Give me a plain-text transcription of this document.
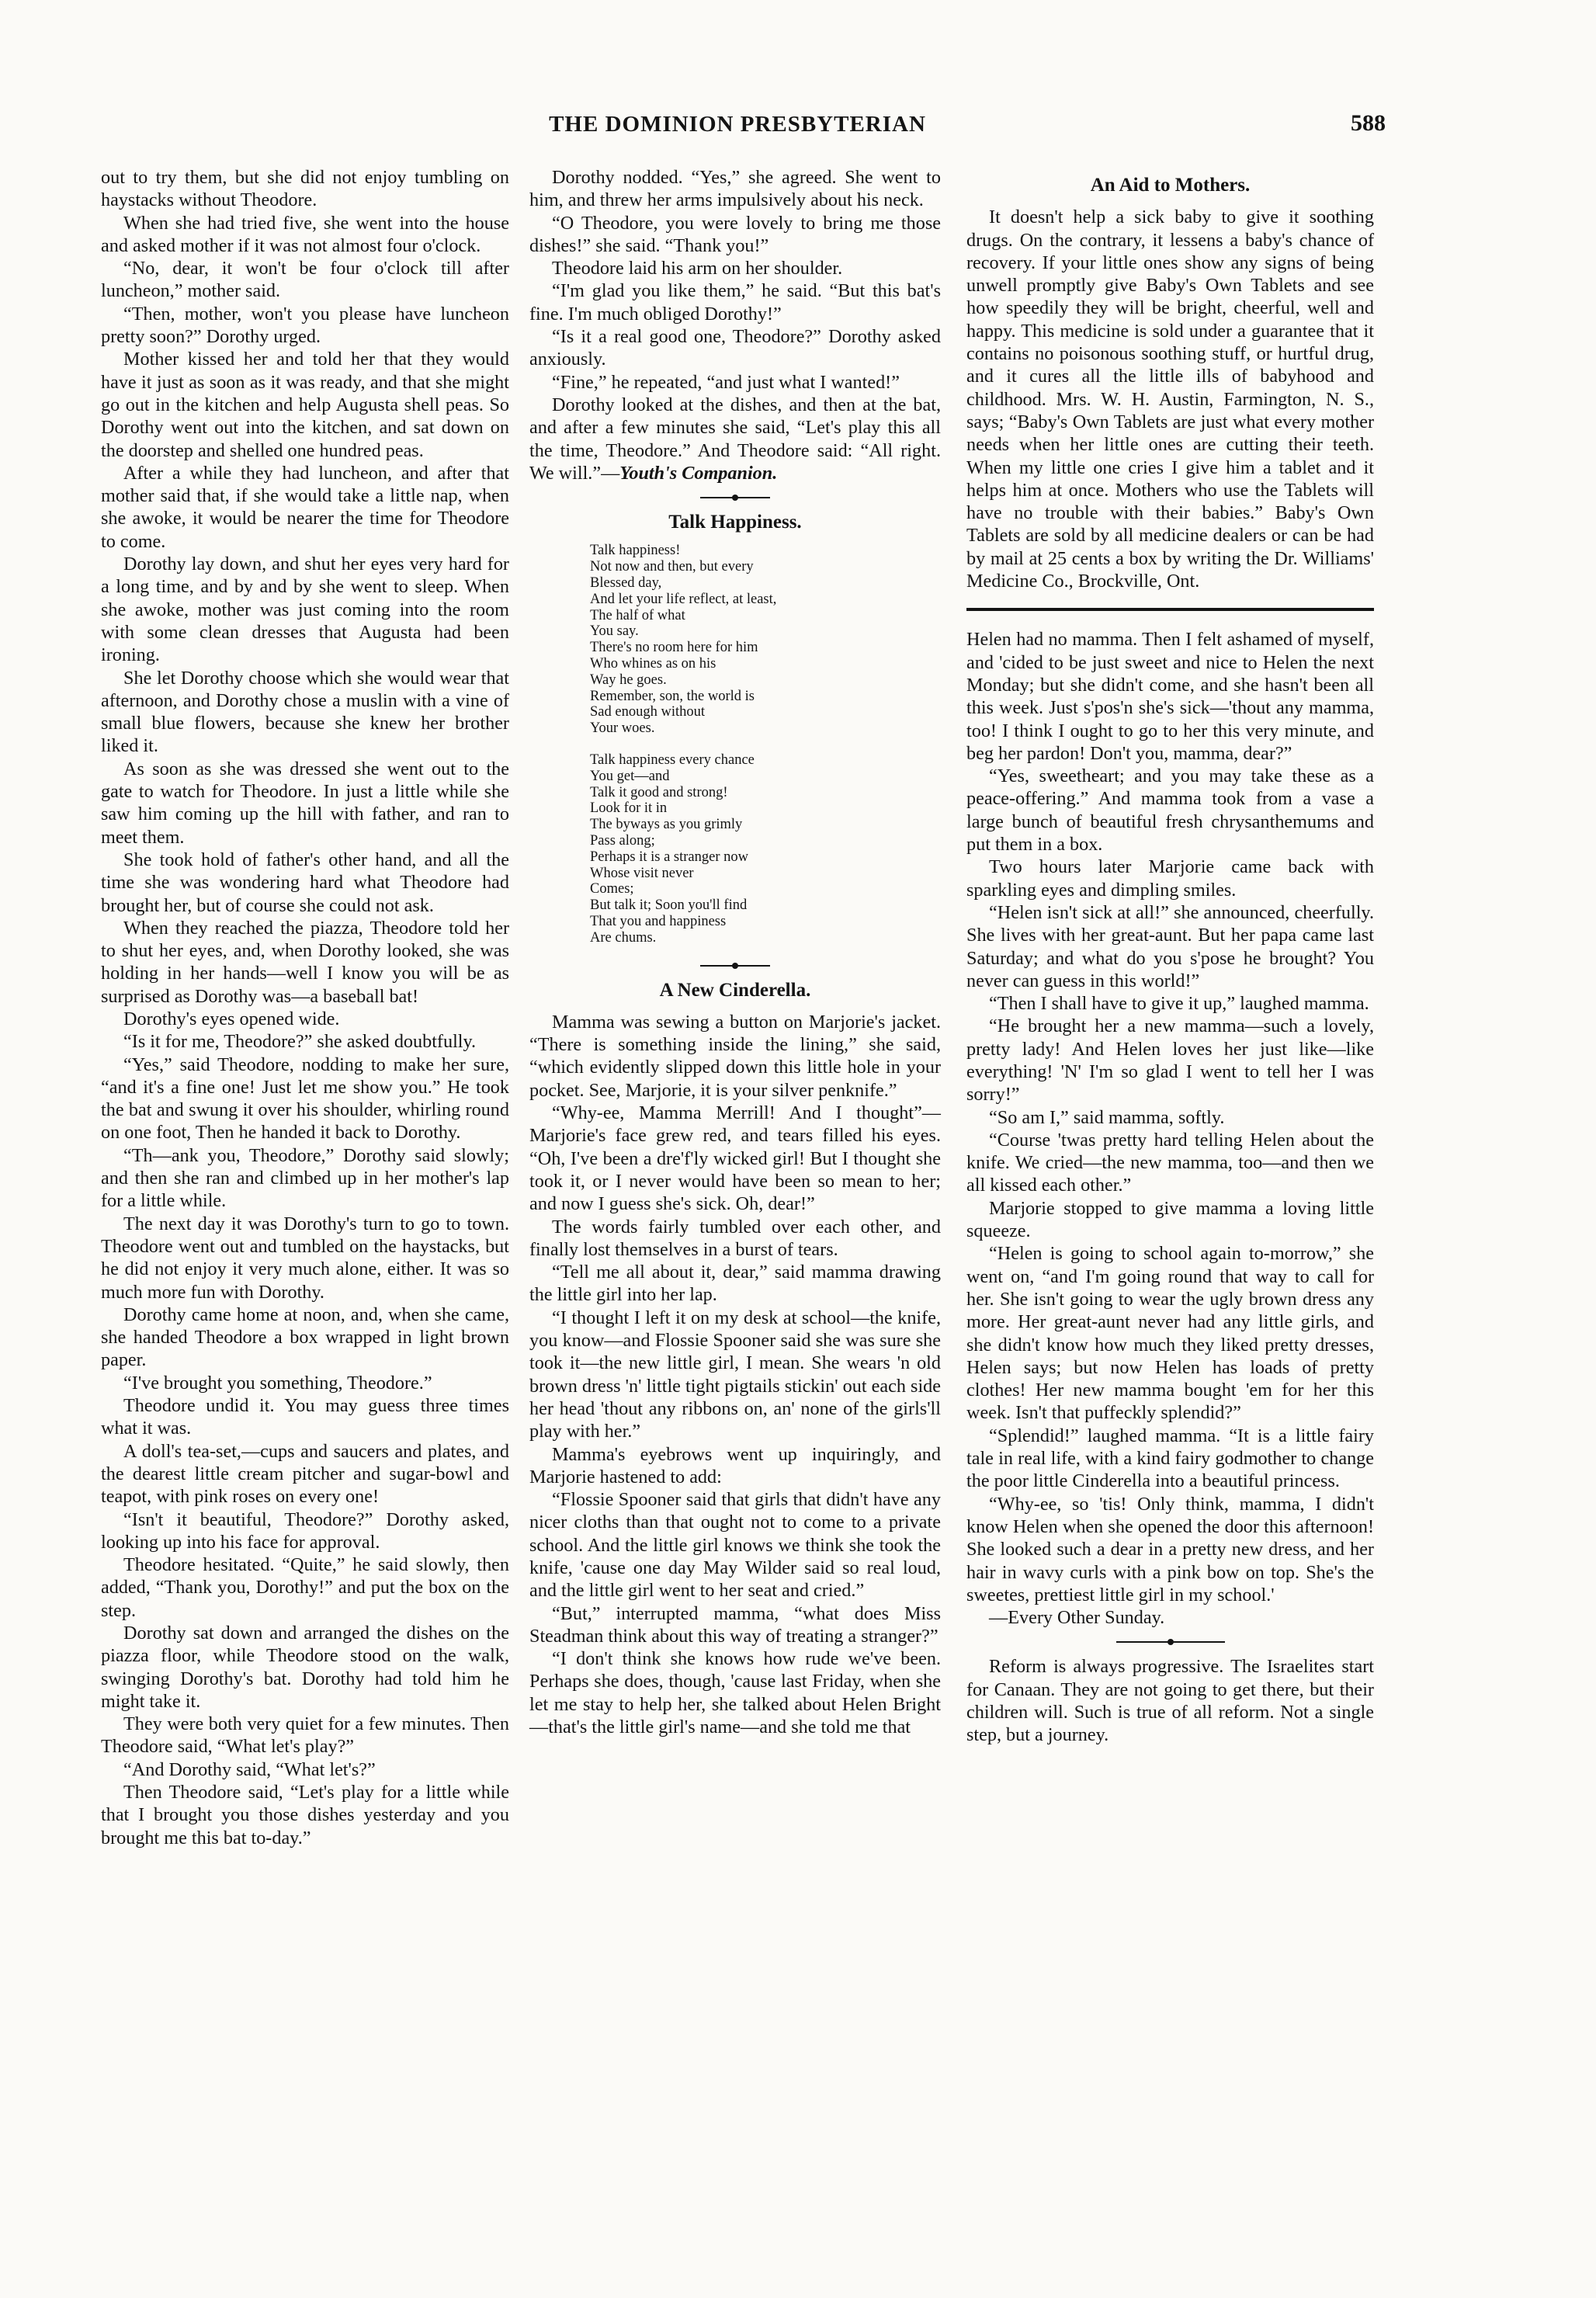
THE DOMINION PRESBYTERIAN	588

out to try them, but she did not enjoy tumbling on haystacks without Theodore.

When she had tried five, she went into the house and asked mother if it was not almost four o'clock.

“No, dear, it won't be four o'clock till after luncheon,” mother said.

“Then, mother, won't you please have luncheon pretty soon?” Dorothy urged.

Mother kissed her and told her that they would have it just as soon as it was ready, and that she might go out in the kitchen and help Augusta shell peas. So Dorothy went out into the kitchen, and sat down on the doorstep and shelled one hundred peas.

After a while they had luncheon, and after that mother said that, if she would take a little nap, when she awoke, it would be nearer the time for Theodore to come.

Dorothy lay down, and shut her eyes very hard for a long time, and by and by she went to sleep. When she awoke, mother was just coming into the room with some clean dresses that Augusta had been ironing.

She let Dorothy choose which she would wear that afternoon, and Dorothy chose a muslin with a vine of small blue flowers, because she knew her brother liked it.

As soon as she was dressed she went out to the gate to watch for Theodore. In just a little while she saw him coming up the hill with father, and ran to meet them.

She took hold of father's other hand, and all the time she was wondering hard what Theodore had brought her, but of course she could not ask.

When they reached the piazza, Theodore told her to shut her eyes, and, when Dorothy looked, she was holding in her hands—well I know you will be as surprised as Dorothy was—a baseball bat!

Dorothy's eyes opened wide.

“Is it for me, Theodore?” she asked doubtfully.

“Yes,” said Theodore, nodding to make her sure, “and it's a fine one! Just let me show you.” He took the bat and swung it over his shoulder, whirling round on one foot, Then he handed it back to Dorothy.

“Th—ank you, Theodore,” Dorothy said slowly; and then she ran and climbed up in her mother's lap for a little while.

The next day it was Dorothy's turn to go to town. Theodore went out and tumbled on the haystacks, but he did not enjoy it very much alone, either. It was so much more fun with Dorothy.

Dorothy came home at noon, and, when she came, she handed Theodore a box wrapped in light brown paper.

“I've brought you something, Theodore.”

Theodore undid it. You may guess three times what it was.

A doll's tea-set,—cups and saucers and plates, and the dearest little cream pitcher and sugar-bowl and teapot, with pink roses on every one!

“Isn't it beautiful, Theodore?” Dorothy asked, looking up into his face for approval.

Theodore hesitated. “Quite,” he said slowly, then added, “Thank you, Dorothy!” and put the box on the step.

Dorothy sat down and arranged the dishes on the piazza floor, while Theodore stood on the walk, swinging Dorothy's bat. Dorothy had told him he might take it.

They were both very quiet for a few minutes. Then Theodore said, “What let's play?”

“And Dorothy said, “What let's?”

Then Theodore said, “Let's play for a little while that I brought you those dishes yesterday and you brought me this bat to-day.”

Dorothy nodded. “Yes,” she agreed. She went to him, and threw her arms impulsively about his neck.

“O Theodore, you were lovely to bring me those dishes!” she said. “Thank you!”

Theodore laid his arm on her shoulder.

“I'm glad you like them,” he said. “But this bat's fine. I'm much obliged Dorothy!”

“Is it a real good one, Theodore?” Dorothy asked anxiously.

“Fine,” he repeated, “and just what I wanted!”

Dorothy looked at the dishes, and then at the bat, and after a few minutes she said, “Let's play this all the time, Theodore.” And Theodore said: “All right. We will.”—Youth's Companion.

Talk Happiness.
Talk happiness!
Not now and then, but every
Blessed day,
And let your life reflect, at least,
The half of what
You say.
There's no room here for him
Who whines as on his
Way he goes.
Remember, son, the world is
Sad enough without
Your woes.
Talk happiness every chance
You get—and
Talk it good and strong!
Look for it in
The byways as you grimly
Pass along;
Perhaps it is a stranger now
Whose visit never
Comes;
But talk it; Soon you'll find
That you and happiness
Are chums.
A New Cinderella.

Mamma was sewing a button on Marjorie's jacket. “There is something inside the lining,” she said, “which evidently slipped down this little hole in your pocket. See, Marjorie, it is your silver penknife.”

“Why-ee, Mamma Merrill! And I thought”—Marjorie's face grew red, and tears filled his eyes. “Oh, I've been a dre'f'ly wicked girl! But I thought she took it, or I never would have been so mean to her; and now I guess she's sick. Oh, dear!”

The words fairly tumbled over each other, and finally lost themselves in a burst of tears.

“Tell me all about it, dear,” said mamma drawing the little girl into her lap.

“I thought I left it on my desk at school—the knife, you know—and Flossie Spooner said she was sure she took it—the new little girl, I mean. She wears 'n old brown dress 'n' little tight pigtails stickin' out each side her head 'thout any ribbons on, an' none of the girls'll play with her.”

Mamma's eyebrows went up inquiringly, and Marjorie hastened to add:

“Flossie Spooner said that girls that didn't have any nicer cloths than that ought not to come to a private school. And the little girl knows we think she took the knife, 'cause one day May Wilder said so real loud, and the little girl went to her seat and cried.”

“But,” interrupted mamma, “what does Miss Steadman think about this way of treating a stranger?”

“I don't think she knows how rude we've been. Perhaps she does, though, 'cause last Friday, when she let me stay to help her, she talked about Helen Bright—that's the little girl's name—and she told me that

An Aid to Mothers.

It doesn't help a sick baby to give it soothing drugs. On the contrary, it lessens a baby's chance of recovery. If your little ones show any signs of being unwell promptly give Baby's Own Tablets and see how speedily they will be bright, cheerful, well and happy. This medicine is sold under a guarantee that it contains no poisonous soothing stuff, or hurtful drug, and it cures all the little ills of babyhood and childhood. Mrs. W. H. Austin, Farmington, N. S., says; “Baby's Own Tablets are just what every mother needs when her little ones are cutting their teeth. When my little one cries I give him a tablet and it helps him at once. Mothers who use the Tablets will have no trouble with their babies.” Baby's Own Tablets are sold by all medicine dealers or can be had by mail at 25 cents a box by writing the Dr. Williams' Medicine Co., Brockville, Ont.

Helen had no mamma. Then I felt ashamed of myself, and 'cided to be just sweet and nice to Helen the next Monday; but she didn't come, and she hasn't been all this week. Just s'pos'n she's sick—'thout any mamma, too! I think I ought to go to her this very minute, and beg her pardon! Don't you, mamma, dear?”

“Yes, sweetheart; and you may take these as a peace-offering.” And mamma took from a vase a large bunch of beautiful fresh chrysanthemums and put them in a box.

Two hours later Marjorie came back with sparkling eyes and dimpling smiles.

“Helen isn't sick at all!” she announced, cheerfully. She lives with her great-aunt. But her papa came last Saturday; and what do you s'pose he brought? You never can guess in this world!”

“Then I shall have to give it up,” laughed mamma.

“He brought her a new mamma—such a lovely, pretty lady! And Helen loves her just like—like everything! 'N' I'm so glad I went to tell her I was sorry!”

“So am I,” said mamma, softly.

“Course 'twas pretty hard telling Helen about the knife. We cried—the new mamma, too—and then we all kissed each other.”

Marjorie stopped to give mamma a loving little squeeze.

“Helen is going to school again to-morrow,” she went on, “and I'm going round that way to call for her. She isn't going to wear the ugly brown dress any more. Her great-aunt never had any little girls, and she didn't know how much they liked pretty dresses, Helen says; but now Helen has loads of pretty clothes! Her new mamma bought 'em for her this week. Isn't that puffeckly splendid?”

“Splendid!” laughed mamma. “It is a little fairy tale in real life, with a kind fairy godmother to change the poor little Cinderella into a beautiful princess.

“Why-ee, so 'tis! Only think, mamma, I didn't know Helen when she opened the door this afternoon! She looked such a dear in a pretty new dress, and her hair in wavy curls with a pink bow on top. She's the sweetes, prettiest little girl in my school.'

—Every Other Sunday.

Reform is always progressive. The Israelites start for Canaan. They are not going to get there, but their children will. Such is true of all reform. Not a single step, but a journey.
